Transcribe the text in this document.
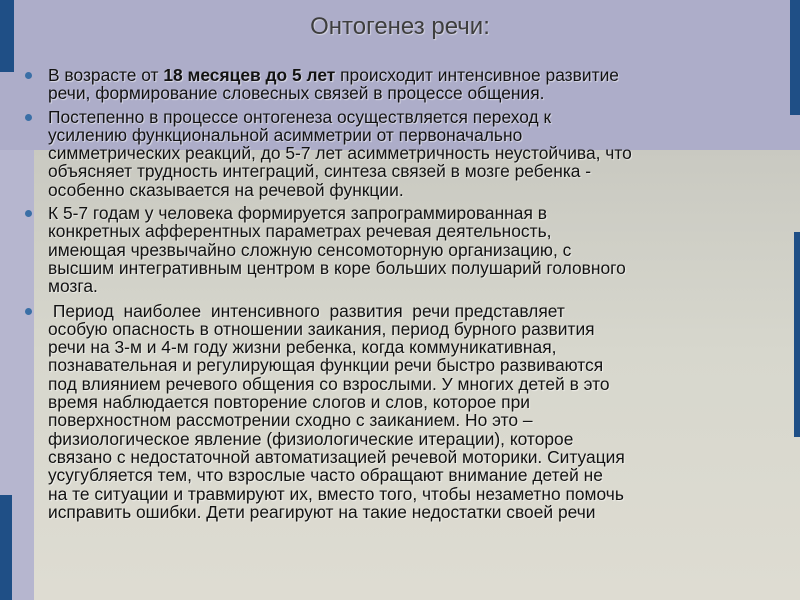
Онтогенез речи:
В возрасте от 18 месяцев до 5 лет происходит интенсивное развитие
речи, формирование словесных связей в процессе общения.
Постепенно в процессе онтогенеза осуществляется переход к
усилению функциональной асимметрии от первоначально
симметрических реакций, до 5-7 лет асимметричность неустойчива, что
объясняет трудность интеграций, синтеза связей в мозге ребенка -
особенно сказывается на речевой функции.
К 5-7 годам у человека формируется запрограммированная в
конкретных афферентных параметрах речевая деятельность,
имеющая чрезвычайно сложную сенсомоторную организацию, с
высшим интегративным центром в коре больших полушарий головного
мозга.
Период  наиболее  интенсивного  развития  речи представляет
особую опасность в отношении заикания, период бурного развития
речи на 3-м и 4-м году жизни ребенка, когда коммуникативная,
познавательная и регулирующая функции речи быстро развиваются
под влиянием речевого общения со взрослыми. У многих детей в это
время наблюдается повторение слогов и слов, которое при
поверхностном рассмотрении сходно с заиканием. Но это –
физиологическое явление (физиологические итерации), которое
связано с недостаточной автоматизацией речевой моторики. Ситуация
усугубляется тем, что взрослые часто обращают внимание детей не
на те ситуации и травмируют их, вместо того, чтобы незаметно помочь
исправить ошибки. Дети реагируют на такие недостатки своей речи
